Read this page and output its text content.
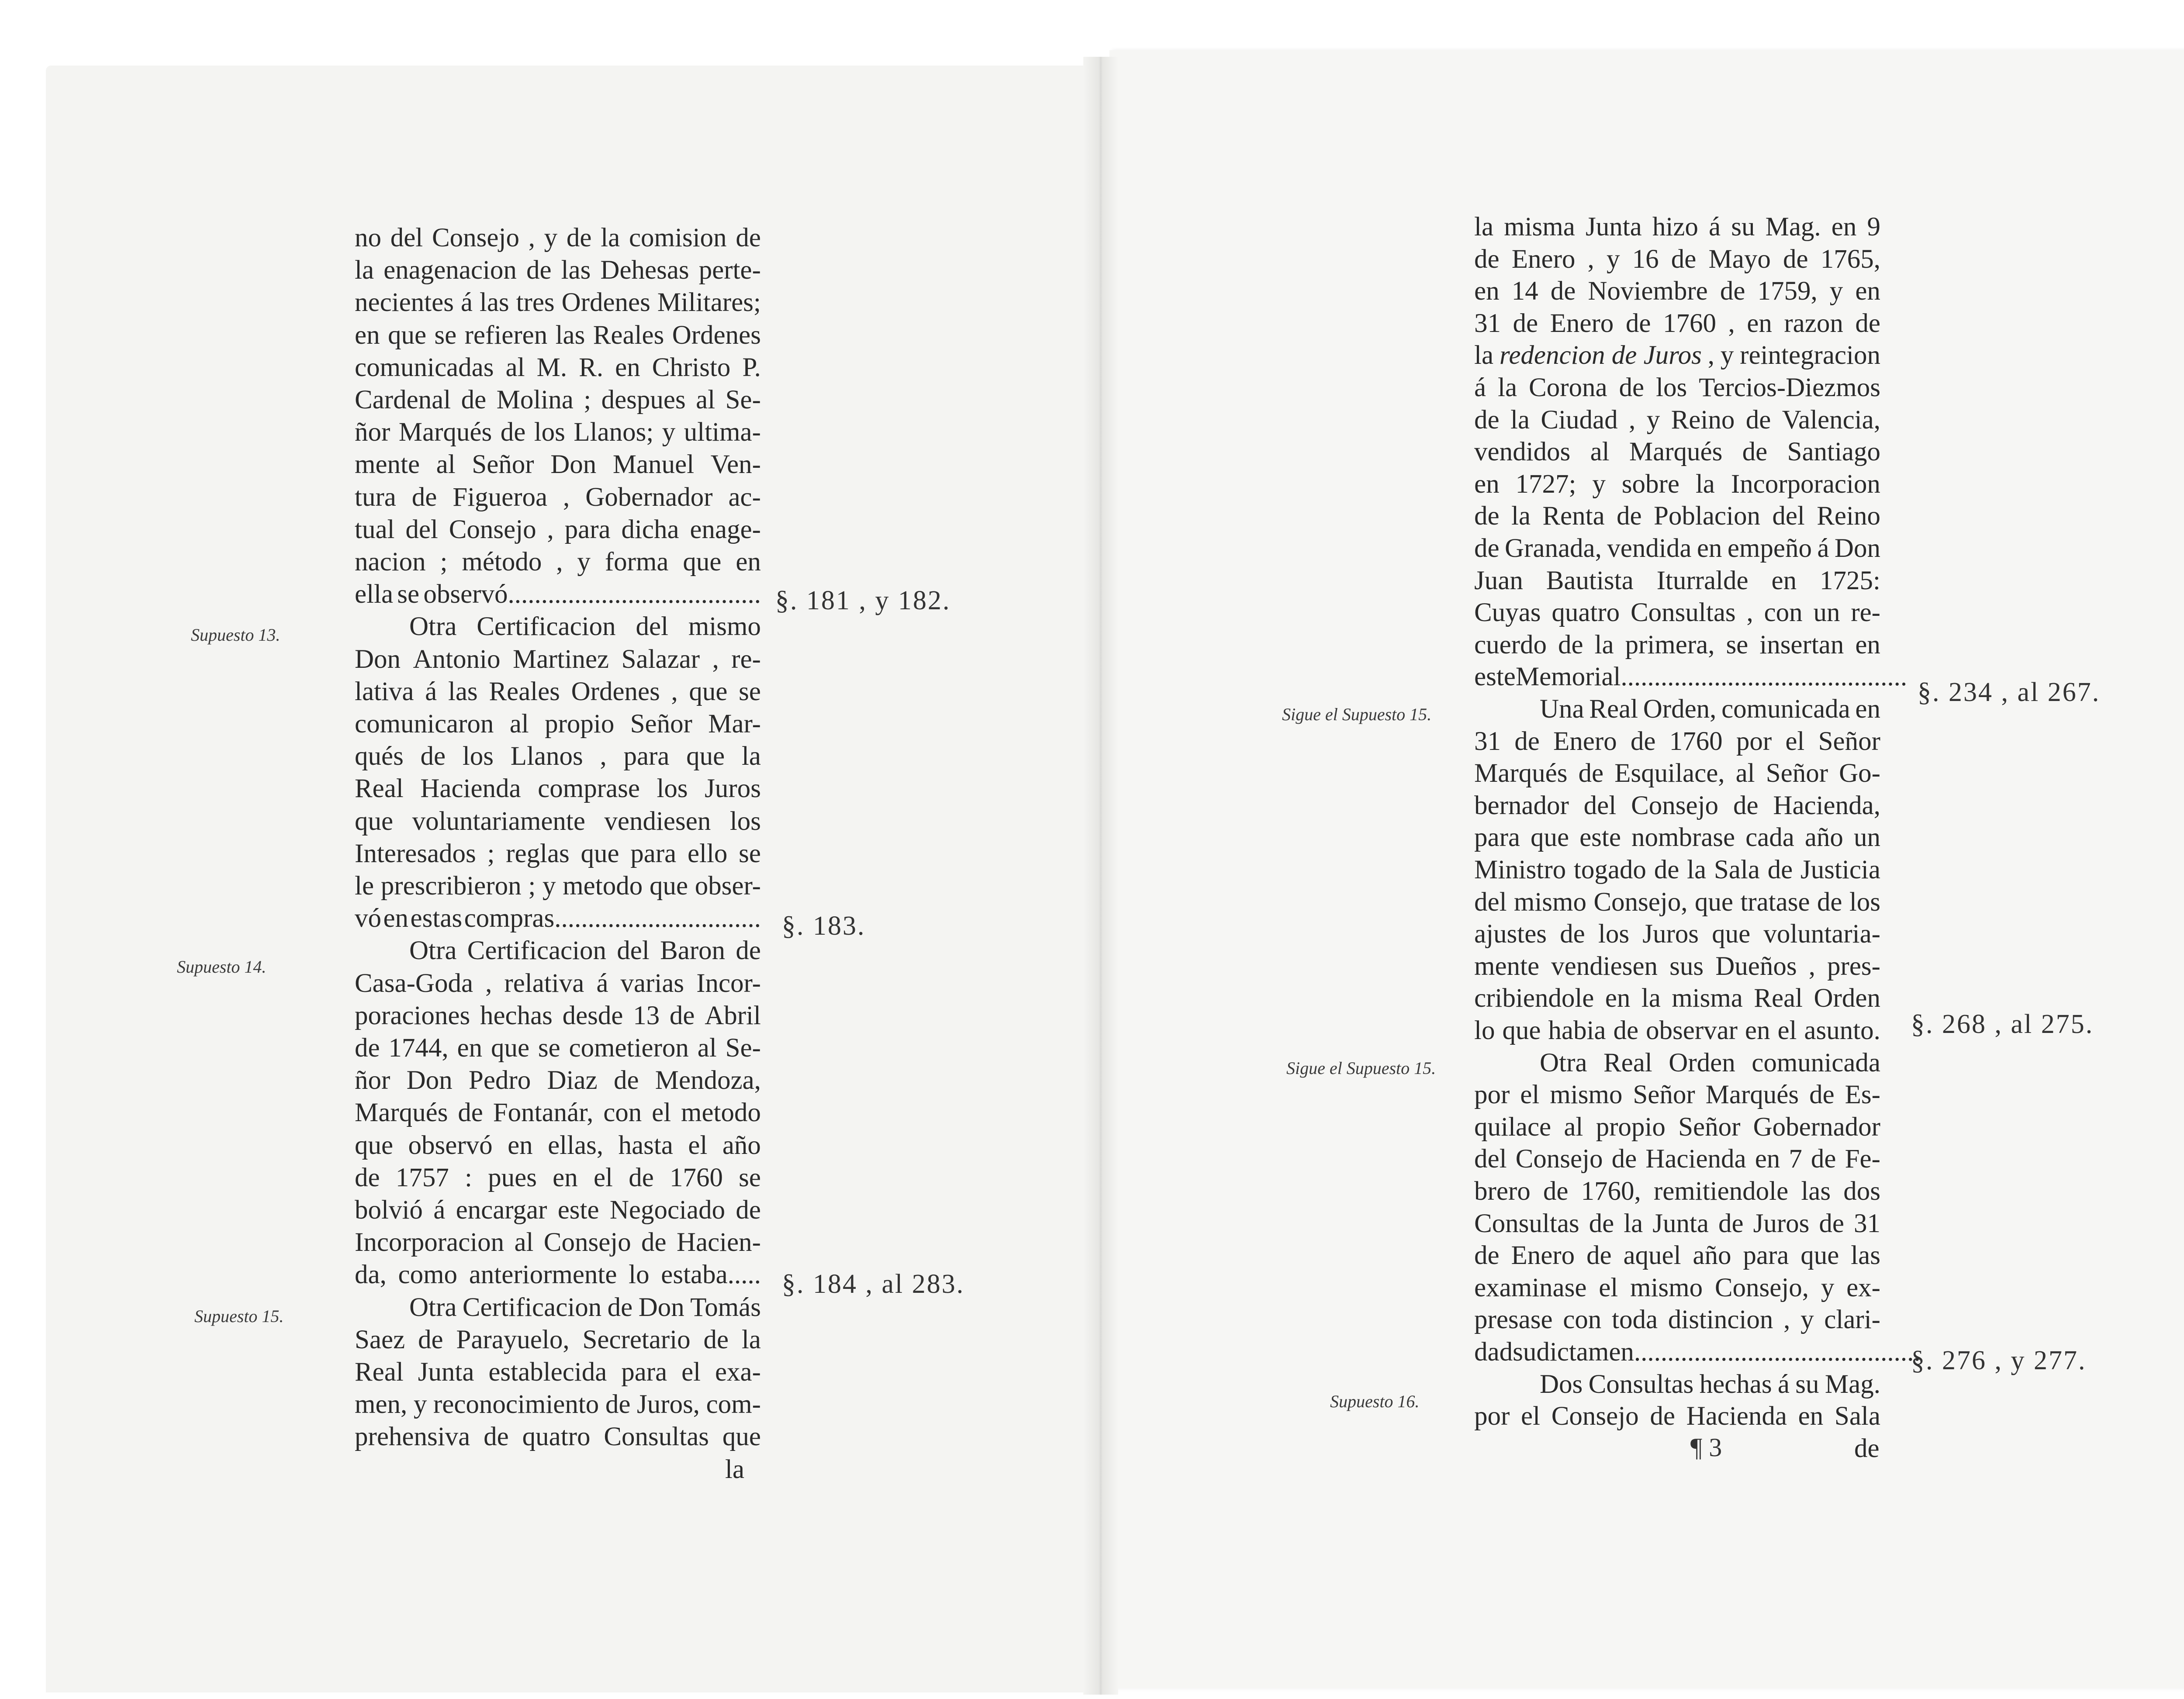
no del Consejo , y de la comision de
la enagenacion de las Dehesas perte-
necientes á las tres Ordenes Militares;
en que se refieren las Reales Ordenes
comunicadas al M. R. en Christo P.
Cardenal de Molina ; despues al Se-
ñor Marqués de los Llanos; y ultima-
mente al Señor Don Manuel Ven-
tura de Figueroa , Gobernador ac-
tual del Consejo , para dicha enage-
nacion ; método , y forma que en
ella se observó......................................
Otra Certificacion del mismo
Don Antonio Martinez Salazar , re-
lativa á las Reales Ordenes , que se
comunicaron al propio Señor Mar-
qués de los Llanos , para que la
Real Hacienda comprase los Juros
que voluntariamente vendiesen los
Interesados ; reglas que para ello se
le prescribieron ; y metodo que obser-
vó en estas compras...............................
Otra Certificacion del Baron de
Casa-Goda , relativa á varias Incor-
poraciones hechas desde 13 de Abril
de 1744, en que se cometieron al Se-
ñor Don Pedro Diaz de Mendoza,
Marqués de Fontanár, con el metodo
que observó en ellas, hasta el año
de 1757 : pues en el de 1760 se
bolvió á encargar este Negociado de
Incorporacion al Consejo de Hacien-
da, como anteriormente lo estaba.....
Otra Certificacion de Don Tomás
Saez de Parayuelo, Secretario de la
Real Junta establecida para el exa-
men, y reconocimiento de Juros, com-
prehensiva de quatro Consultas que
la
la misma Junta hizo á su Mag. en 9
de Enero , y 16 de Mayo de 1765,
en 14 de Noviembre de 1759, y en
31 de Enero de 1760 , en razon de
la redencion de Juros , y reintegracion
á la Corona de los Tercios-Diezmos
de la Ciudad , y Reino de Valencia,
vendidos al Marqués de Santiago
en 1727; y sobre la Incorporacion
de la Renta de Poblacion del Reino
de Granada, vendida en empeño á Don
Juan Bautista Iturralde en 1725:
Cuyas quatro Consultas , con un re-
cuerdo de la primera, se insertan en
este Memorial...........................................
Una Real Orden, comunicada en
31 de Enero de 1760 por el Señor
Marqués de Esquilace, al Señor Go-
bernador del Consejo de Hacienda,
para que este nombrase cada año un
Ministro togado de la Sala de Justicia
del mismo Consejo, que tratase de los
ajustes de los Juros que voluntaria-
mente vendiesen sus Dueños , pres-
cribiendole en la misma Real Orden
lo que habia de observar en el asunto.
Otra Real Orden comunicada
por el mismo Señor Marqués de Es-
quilace al propio Señor Gobernador
del Consejo de Hacienda en 7 de Fe-
brero de 1760, remitiendole las dos
Consultas de la Junta de Juros de 31
de Enero de aquel año para que las
examinase el mismo Consejo, y ex-
presase con toda distincion , y clari-
dad su dictamen...........................................
Dos Consultas hechas á su Mag.
por el Consejo de Hacienda en Sala
de
Supuesto 13.
Supuesto 14.
Supuesto 15.
§. 181 , y 182.
§. 183.
§. 184 , al 283.
Sigue el Supuesto 15.
Sigue el Supuesto 15.
Supuesto 16.
§. 234 , al 267.
§. 268 , al 275.
§. 276 , y 277.
¶ 3
